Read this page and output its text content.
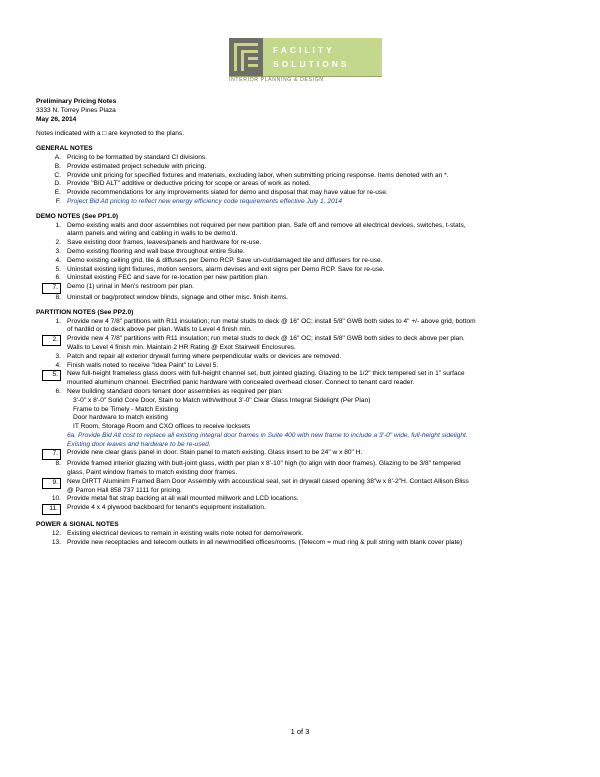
FACILITY
SOLUTIONS
INTERIOR PLANNING & DESIGN
Preliminary Pricing Notes
3333 N. Torrey Pines Plaza
May 26, 2014
Notes indicated with a □ are keynoted to the plans.
GENERAL NOTES
A. Pricing to be formatted by standard CI divisions.
B. Provide estimated project schedule with pricing.
C. Provide unit pricing for specified fixtures and materials, excluding labor, when submitting pricing response. Items denoted with an *.
D. Provide "BID ALT" additive or deductive pricing for scope or areas of work as noted.
E. Provide recommendations for any improvements siated for demo and disposal that may have value for re-use.
F. Project Bid Alt pricing to reflect new energy efficiency code requirements effective July 1, 2014
DEMO NOTES (See PP1.0)
1. Demo existing walls and door assemblies not required per new partition plan. Safe off and remove all electrical devices, switches, t-stats,
alarm panels and wiring and cabling in walls to be demo'd.
2. Save existing door frames, leaves/panels and hardware for re-use.
3. Demo existing flooring and wall base throughout entire Suite.
4. Demo existing ceiling grid, tile & diffusers per Demo RCP. Save un-cut/damaged tile and diffusers for re-use.
5. Uninstall existing light fixtures, motion sensors, alarm devises and exit signs per Demo RCP. Save for re-use.
6. Uninstall existing FEC and save for re-location per new partition plan.
7.	Demo (1) urinal in Men's restroom per plan.
8. Uninstall or bag/protect window blinds, signage and other misc. finish items.
PARTITION NOTES (See PP2.0)
1. Provide new 4 7/8" partitions with R11 insulation; run metal studs to deck @ 16" OC; install 5/8" GWB both sides to 4" +/- above grid, bottom
of hardlid or to deck above per plan. Walls to Level 4 finish min.
2.	Provide new 4 7/8" partitions with R11 insulation; run metal studs to deck @ 16" OC; install 5/8" GWB both sides to deck above per plan.
Walls to Level 4 finish min. Maintain 2 HR Rating @ Exot Stairwell Enclosures.
3. Patch and repair all exterior drywall furring where perpendicular walls or devices are removed.
4. Finish walls noted to receive "Idea Paint" to Level 5.
5.	New full-height frameless glass doors with full-height channel set, butt jointed glazing. Glazing to be 1/2" thick tempered set in 1" surface
mounted aluminum channel. Electrified panic hardware with concealed overhead closer. Connect to tenant card reader.
6. New building standard doors tenant door assemblies as required per plan:
3'-0" x 8'-0" Solid Core Door, Stain to Match with/without 3'-0" Clear Glass Integral Sidelight (Per Plan)
Frame to be Timely - Match Existing
Door hardware to match existing
IT Room, Storage Room and CXO offices to receive locksets
6a. Provide Bid Alt cost to replace all existing integral door frames in Suite 400 with new frame to include a 3'-0" wide, full-height sidelight.
Existing door leaves and hardware to be re-used.
7.	Provide new clear glass panel in door. Stain panel to match existing. Glass insert to be 24" w x 80" H.
8. Provide framed interior glazing with butt-joint glass, width per plan x 8'-10" high (to align with door frames). Glazing to be 3/8" tempered
glass. Paint window frames to match existing door frames.
9.	New DIRTT Aluminim Framed Barn Door Assembly with accoustical seal, set in drywall cased opening 38"w x 8'-2"H. Contact Allison Bliss
@ Parron Hall 858 737 1111 for pricing.
10. Provide metal flat strap backing at all wall mounted millwork and LCD locations.
11.	Provide 4 x 4 plywood backboard for tenant's equipment installation.
POWER & SIGNAL NOTES
12. Existing electrical devices to remain in existing walls note noted for demo/rework.
13. Provide new receptacles and telecom outlets in all new/modified offices/rooms. (Telecom = mud ring & pull string with blank cover plate)
1 of 3
